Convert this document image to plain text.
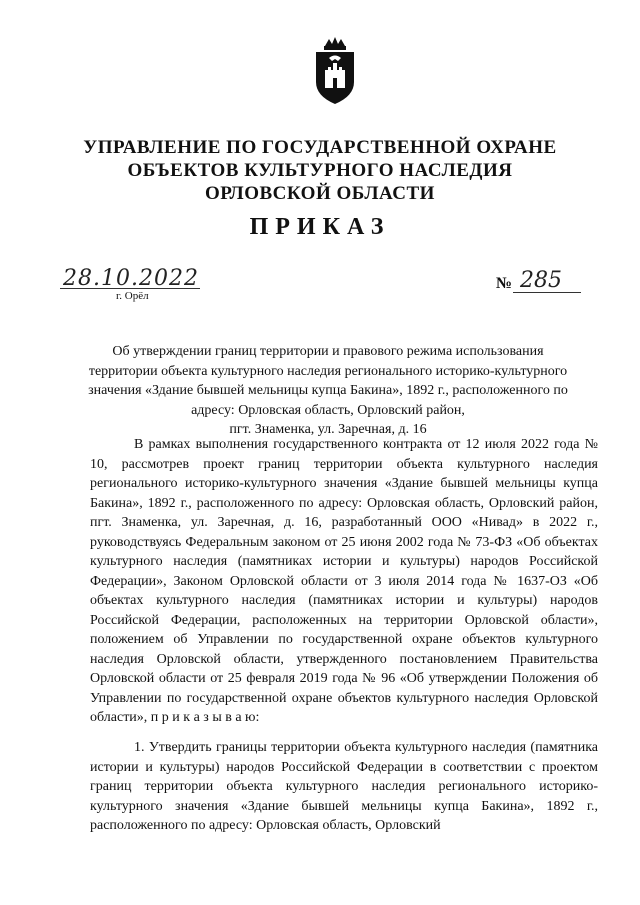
УПРАВЛЕНИЕ ПО ГОСУДАРСТВЕННОЙ ОХРАНЕ
ОБЪЕКТОВ КУЛЬТУРНОГО НАСЛЕДИЯ
ОРЛОВСКОЙ ОБЛАСТИ
ПРИКАЗ
28.10.2022
г. Орёл
№ 285
Об утверждении границ территории и правового режима использования
территории объекта культурного наследия регионального историко-культурного
значения «Здание бывшей мельницы купца Бакина», 1892 г., расположенного по
адресу: Орловская область, Орловский район,
пгт. Знаменка, ул. Заречная, д. 16
В рамках выполнения государственного контракта от 12 июля 2022 года № 10, рассмотрев проект границ территории объекта культурного наследия регионального историко-культурного значения «Здание бывшей мельницы купца Бакина», 1892 г., расположенного по адресу: Орловская область, Орловский район, пгт. Знаменка, ул. Заречная, д. 16, разработанный ООО «Нивад» в 2022 г., руководствуясь Федеральным законом от 25 июня 2002 года № 73-ФЗ «Об объектах культурного наследия (памятниках истории и культуры) народов Российской Федерации», Законом Орловской области от 3 июля 2014 года № 1637-ОЗ «Об объектах культурного наследия (памятниках истории и культуры) народов Российской Федерации, расположенных на территории Орловской области», положением об Управлении по государственной охране объектов культурного наследия Орловской области, утвержденного постановлением Правительства Орловской области от 25 февраля 2019 года № 96 «Об утверждении Положения об Управлении по государственной охране объектов культурного наследия Орловской области», п р и к а з ы в а ю:
1. Утвердить границы территории объекта культурного наследия (памятника истории и культуры) народов Российской Федерации в соответствии с проектом границ территории объекта культурного наследия регионального историко-культурного значения «Здание бывшей мельницы купца Бакина», 1892 г., расположенного по адресу: Орловская область, Орловский
